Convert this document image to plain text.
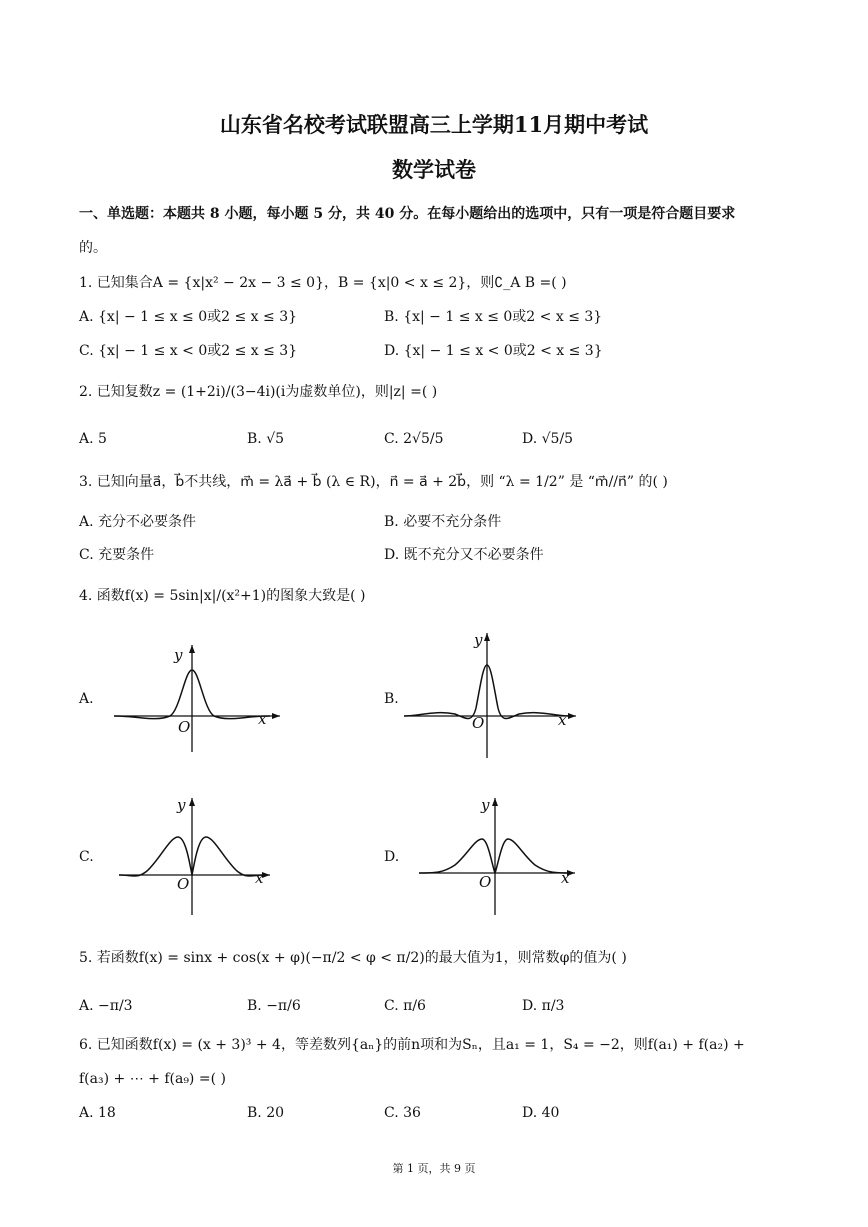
山东省名校考试联盟高三上学期11月期中考试
数学试卷
一、单选题：本题共 8 小题，每小题 5 分，共 40 分。在每小题给出的选项中，只有一项是符合题目要求
的。
1. 已知集合A = {x|x² − 2x − 3 ≤ 0}，B = {x|0 < x ≤ 2}，则∁_A B =( )
A. {x| − 1 ≤ x ≤ 0或2 ≤ x ≤ 3}	B. {x| − 1 ≤ x ≤ 0或2 < x ≤ 3}
C. {x| − 1 ≤ x < 0或2 ≤ x ≤ 3}	D. {x| − 1 ≤ x < 0或2 < x ≤ 3}
2. 已知复数z = (1+2i)/(3−4i)(i为虚数单位)，则|z| =( )
A. 5	B. √5	C. 2√5/5	D. √5/5
3. 已知向量a⃗，b⃗不共线，m⃗ = λa⃗ + b⃗ (λ ∈ R)，n⃗ = a⃗ + 2b⃗，则 “λ = 1/2” 是 “m⃗//n⃗” 的( )
A. 充分不必要条件	B. 必要不充分条件
C. 充要条件	D. 既不充分又不必要条件
4. 函数f(x) = 5sin|x|/(x²+1)的图象大致是( )
A.
y
x
O
B.
y
x
O
C.
y
x
O
D.
y
x
O
5. 若函数f(x) = sinx + cos(x + φ)(−π/2 < φ < π/2)的最大值为1，则常数φ的值为( )
A. −π/3	B. −π/6	C. π/6	D. π/3
6. 已知函数f(x) = (x + 3)³ + 4，等差数列{aₙ}的前n项和为Sₙ，且a₁ = 1，S₄ = −2，则f(a₁) + f(a₂) +
f(a₃) + ⋯ + f(a₉) =( )
A. 18	B. 20	C. 36	D. 40
第 1 页，共 9 页
